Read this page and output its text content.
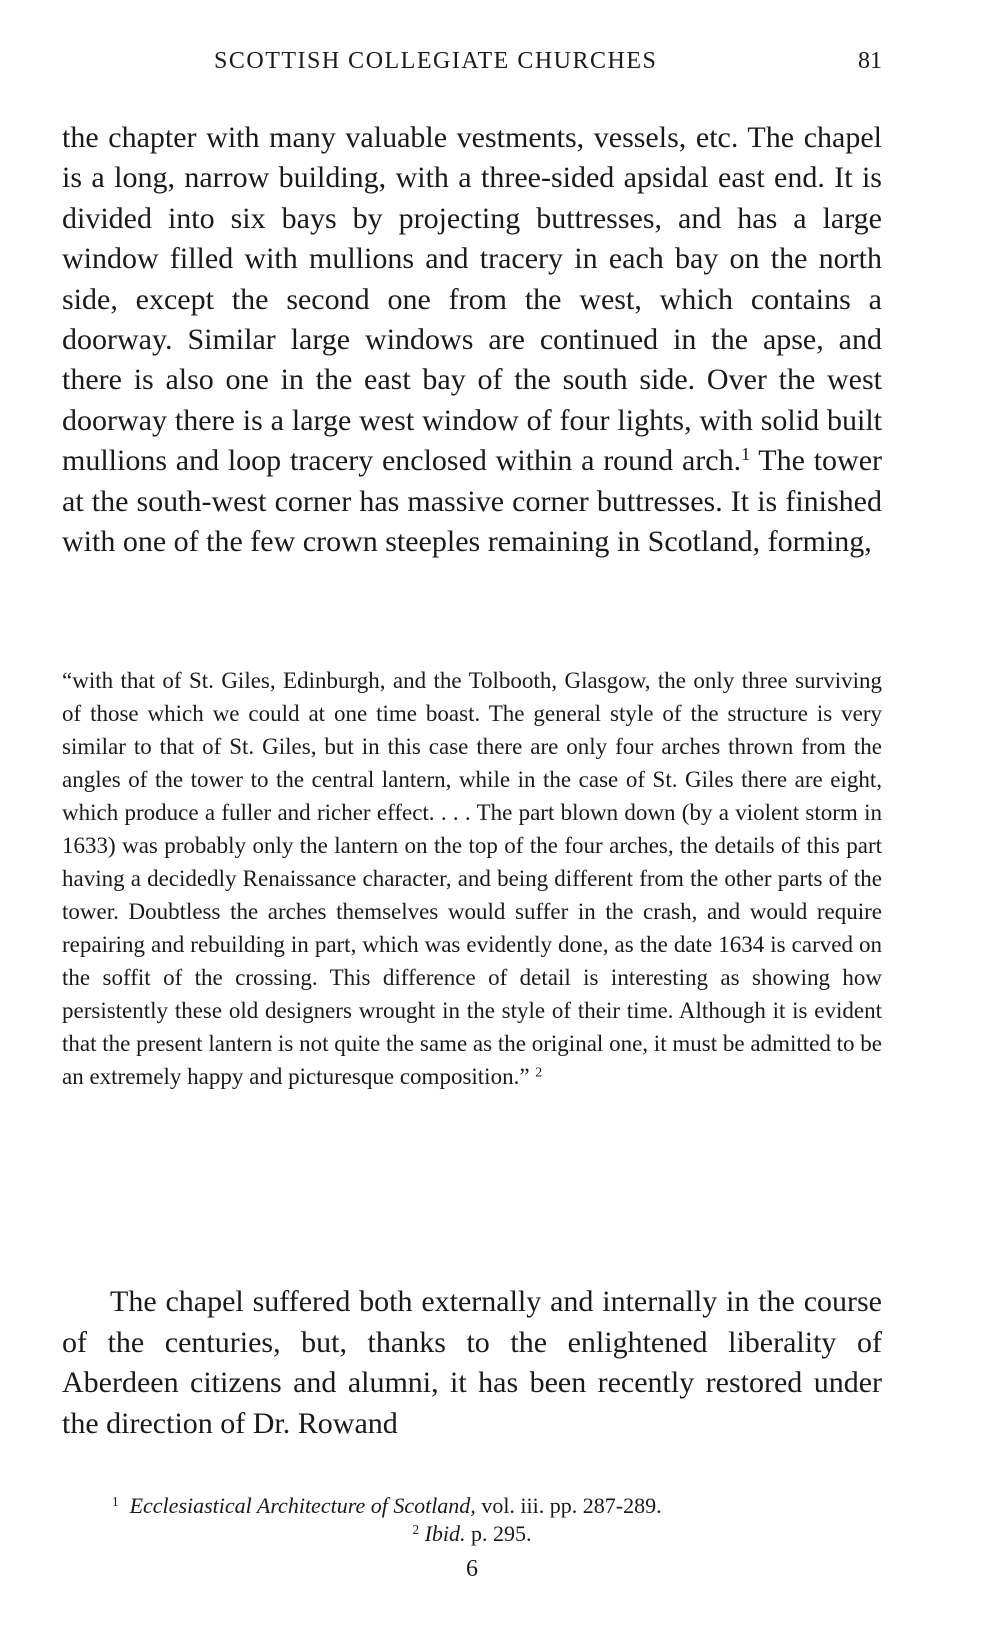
SCOTTISH COLLEGIATE CHURCHES	81

the chapter with many valuable vestments, vessels, etc. The chapel is a long, narrow building, with a three-sided apsidal east end. It is divided into six bays by projecting buttresses, and has a large window filled with mullions and tracery in each bay on the north side, except the second one from the west, which contains a doorway. Similar large windows are continued in the apse, and there is also one in the east bay of the south side. Over the west doorway there is a large west window of four lights, with solid built mullions and loop tracery enclosed within a round arch.$^1$ The tower at the south-west corner has massive corner buttresses. It is finished with one of the few crown steeples remaining in Scotland, forming,

“with that of St. Giles, Edinburgh, and the Tolbooth, Glasgow, the only three surviving of those which we could at one time boast. The general style of the structure is very similar to that of St. Giles, but in this case there are only four arches thrown from the angles of the tower to the central lantern, while in the case of St. Giles there are eight, which produce a fuller and richer effect. . . . The part blown down (by a violent storm in 1633) was probably only the lantern on the top of the four arches, the details of this part having a decidedly Renaissance character, and being different from the other parts of the tower. Doubtless the arches themselves would suffer in the crash, and would require repairing and rebuilding in part, which was evidently done, as the date 1634 is carved on the soffit of the crossing. This difference of detail is interesting as showing how persistently these old designers wrought in the style of their time. Although it is evident that the present lantern is not quite the same as the original one, it must be admitted to be an extremely happy and picturesque composition.” $^2$

The chapel suffered both externally and internally in the course of the centuries, but, thanks to the enlightened liberality of Aberdeen citizens and alumni, it has been recently restored under the direction of Dr. Rowand

$^1$ Ecclesiastical Architecture of Scotland, vol. iii. pp. 287-289.
$^2$ Ibid. p. 295.
6
